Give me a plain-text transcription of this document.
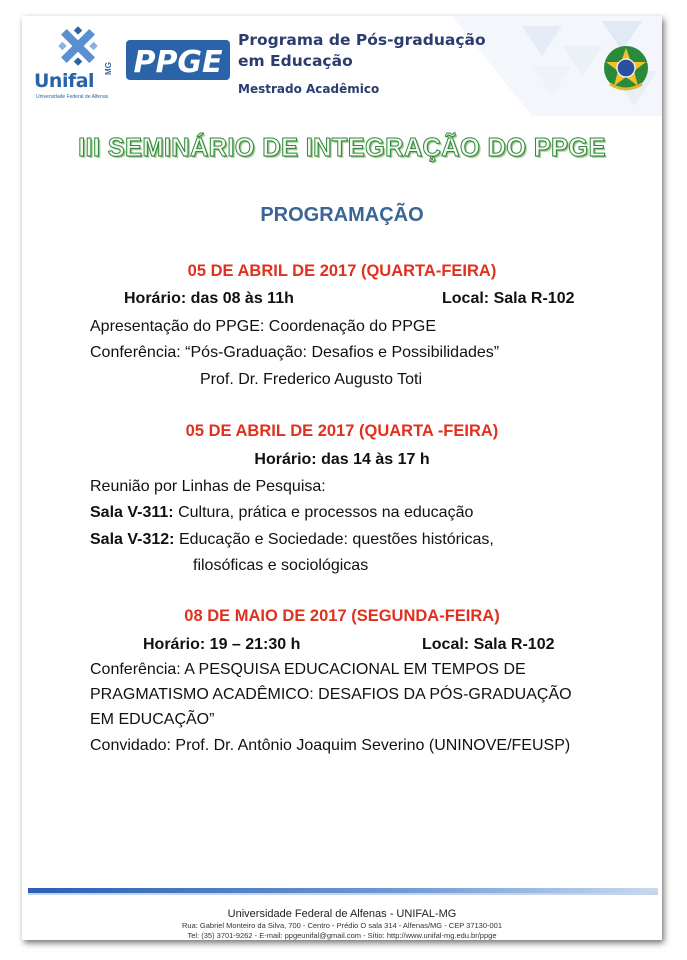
Unifal
MG
Universidade Federal de Alfenas
PPGE
Programa de Pós-graduação
em Educação
Mestrado Acadêmico
III SEMINÁRIO DE INTEGRAÇÃO DO PPGE
PROGRAMAÇÃO
05 DE ABRIL DE 2017 (QUARTA-FEIRA)
Horário: das 08 às 11h	Local: Sala R-102
Apresentação do PPGE: Coordenação do PPGE
Conferência: “Pós-Graduação: Desafios e Possibilidades”
Prof. Dr. Frederico Augusto Toti
05 DE ABRIL DE 2017 (QUARTA -FEIRA)
Horário: das 14 às 17 h
Reunião por Linhas de Pesquisa:
Sala V-311: Cultura, prática e processos na educação
Sala V-312: Educação e Sociedade: questões históricas,
filosóficas e sociológicas
08 DE MAIO DE 2017 (SEGUNDA-FEIRA)
Horário: 19 – 21:30 h	Local: Sala R-102
Conferência: A PESQUISA EDUCACIONAL EM TEMPOS DE
PRAGMATISMO ACADÊMICO: DESAFIOS DA PÓS-GRADUAÇÃO
EM EDUCAÇÃO”
Convidado: Prof. Dr. Antônio Joaquim Severino (UNINOVE/FEUSP)
Universidade Federal de Alfenas - UNIFAL-MG
Rua: Gabriel Monteiro da Silva, 700 - Centro - Prédio O sala 314 - Alfenas/MG - CEP 37130-001
Tel: (35) 3701-9262 - E-mail: ppgeunifal@gmail.com - Sítio: http://www.unifal-mg.edu.br/ppge
